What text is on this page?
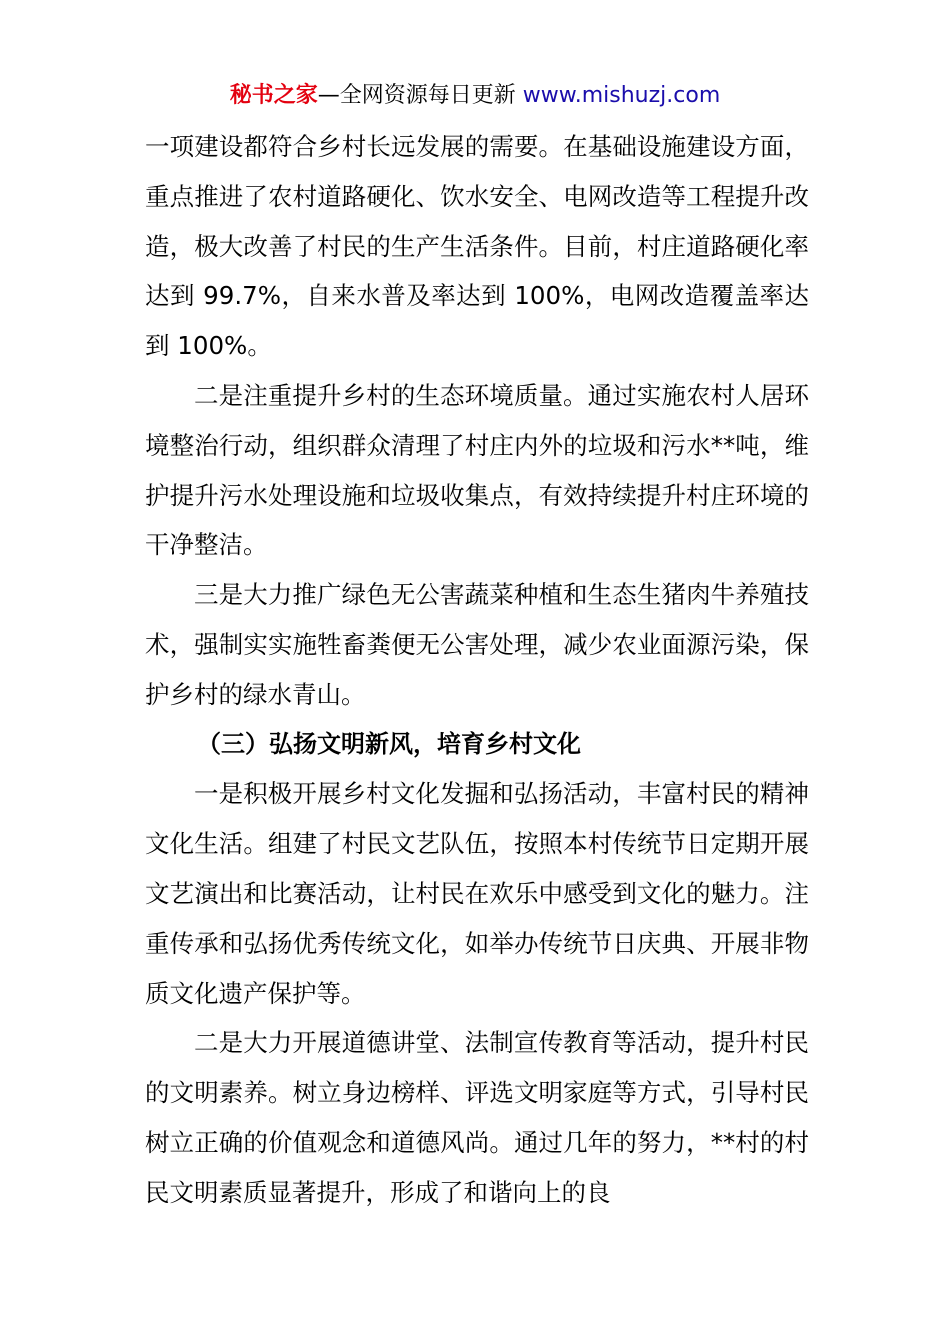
秘书之家—全网资源每日更新 www.mishuzj.com

一项建设都符合乡村长远发展的需要。在基础设施建设方面，重点推进了农村道路硬化、饮水安全、电网改造等工程提升改造，极大改善了村民的生产生活条件。目前，村庄道路硬化率达到 99.7%，自来水普及率达到 100%，电网改造覆盖率达到 100%。

二是注重提升乡村的生态环境质量。通过实施农村人居环境整治行动，组织群众清理了村庄内外的垃圾和污水**吨，维护提升污水处理设施和垃圾收集点，有效持续提升村庄环境的干净整洁。

三是大力推广绿色无公害蔬菜种植和生态生猪肉牛养殖技术，强制实实施牲畜粪便无公害处理，减少农业面源污染，保护乡村的绿水青山。

（三）弘扬文明新风，培育乡村文化

一是积极开展乡村文化发掘和弘扬活动，丰富村民的精神文化生活。组建了村民文艺队伍，按照本村传统节日定期开展文艺演出和比赛活动，让村民在欢乐中感受到文化的魅力。注重传承和弘扬优秀传统文化，如举办传统节日庆典、开展非物质文化遗产保护等。

二是大力开展道德讲堂、法制宣传教育等活动，提升村民的文明素养。树立身边榜样、评选文明家庭等方式，引导村民树立正确的价值观念和道德风尚。通过几年的努力，**村的村民文明素质显著提升，形成了和谐向上的良
